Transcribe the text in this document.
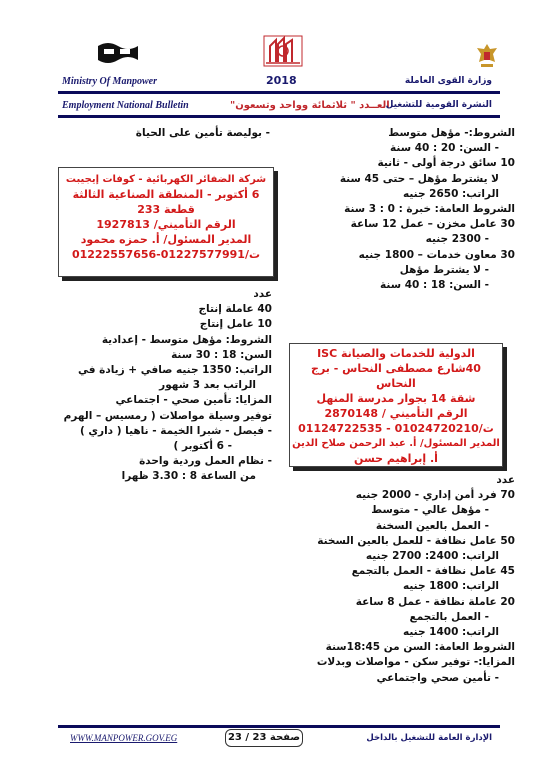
Ministry Of Manpower	2018	وزارة القوى العاملة
Employment National Bulletin	العــدد " ثلاثمائة وواحد وتسعون"
النشرة القومية للتشغيل
الشروط:- مؤهل متوسط
- السن: 20 : 40 سنة
10 سائق درجة أولى - ثانية
لا يشترط مؤهل – حتى 45 سنة
الراتب: 2650 جنيه
الشروط العامة: خبرة : 0 : 3 سنة
30 عامل مخزن – عمل 12 ساعة
- 2300 جنيه
30 معاون خدمات – 1800 جنيه
- لا يشترط مؤهل
- السن: 18 : 40 سنة
الدولية للخدمات والصيانة ISC
40شارع مصطفى النحاس - برج النحاس
شقة 14 بجوار مدرسة المنهل
الرقم التأميني / 2870148
ت/01024720210 - 01124722535
المدير المسئول/ أ. عبد الرحمن صلاح الدين
أ. إبراهيم حسن
عدد
70 فرد أمن إداري - 2000 جنيه
- مؤهل عالي - متوسط
- العمل بالعين السخنة
50 عامل نظافة - للعمل بالعين السخنة
الراتب: 2400: 2700 جنيه
45 عامل نظافة - العمل بالتجمع
الراتب: 1800 جنيه
20 عاملة نظافة - عمل 8 ساعة
- العمل بالتجمع
الراتب: 1400 جنيه
الشروط العامة: السن من 18:45سنة
المزايا:- توفير سكن - مواصلات وبدلات
- تأمين صحي واجتماعي
- بوليصة تأمين على الحياة
شركة الضفائر الكهربائية - كوفات إيجيبت
6 أكتوبر - المنطقة الصناعية الثالثة
قطعة 233
الرقم التأميني/ 1927813
المدير المسئول/ أ. حمزه محمود
ت/01227577991-01222557656
عدد
40 عاملة إنتاج
10 عامل إنتاج
الشروط: مؤهل متوسط - إعدادية
السن: 18 : 30 سنة
الراتب: 1350 جنيه صافي + زيادة في
الراتب بعد 3 شهور
المزايا: تأمين صحي - اجتماعي
توفير وسيلة مواصلات ( رمسيس – الهرم
- فيصل - شبرا الخيمة - ناهيا ( داري )
- 6 أكتوبر )
- نظام العمل وردية واحدة
من الساعة 8 : 3.30 ظهرا
WWW.MANPOWER.GOV.EG	صفحة 23 / 23	الإدارة العامة للتشغيل بالداخل
